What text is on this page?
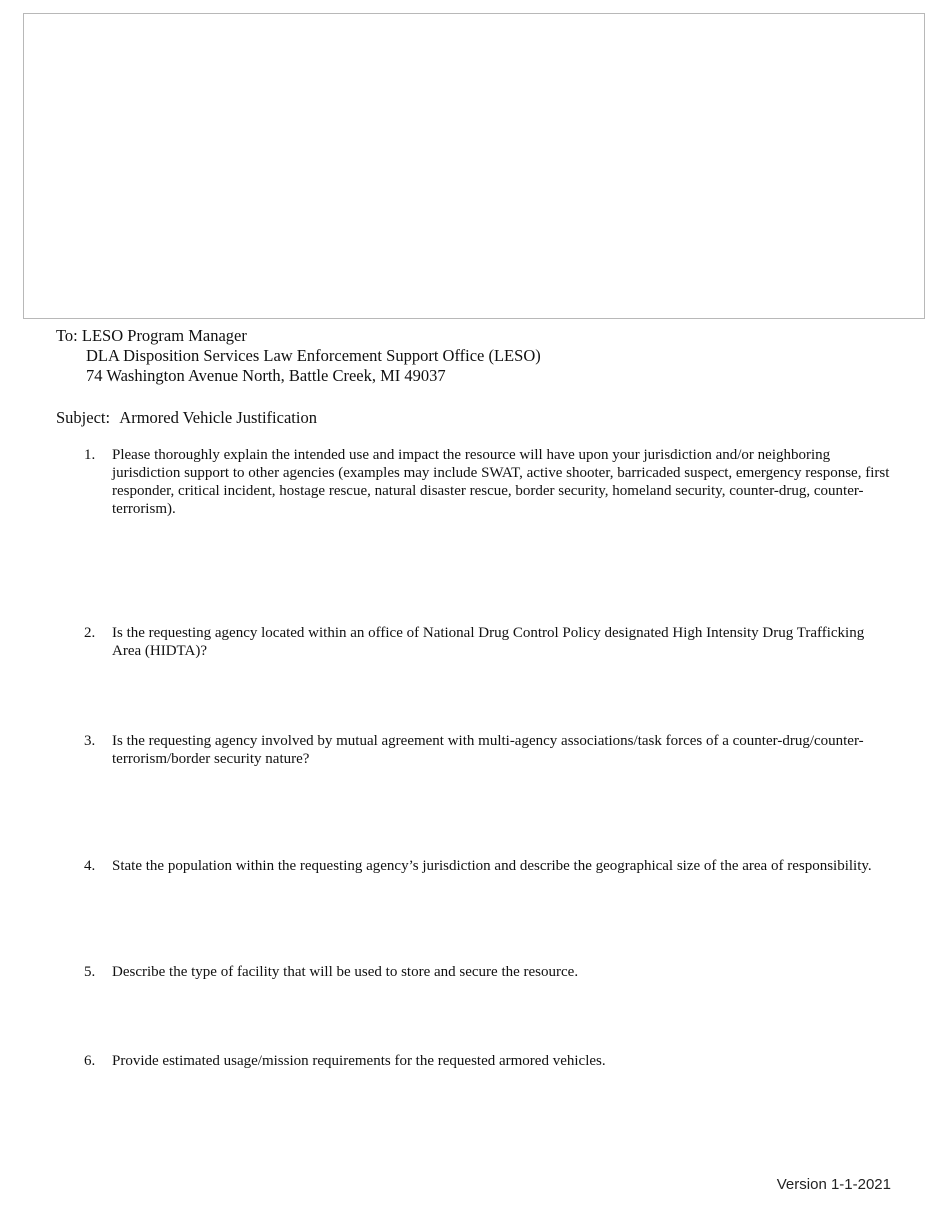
To: LESO Program Manager
DLA Disposition Services Law Enforcement Support Office (LESO)
74 Washington Avenue North, Battle Creek, MI 49037
Subject: Armored Vehicle Justification
1.	Please thoroughly explain the intended use and impact the resource will have upon your jurisdiction and/or neighboring jurisdiction support to other agencies (examples may include SWAT, active shooter, barricaded suspect, emergency response, first responder, critical incident, hostage rescue, natural disaster rescue, border security, homeland security, counter-drug, counter-terrorism).
2.	Is the requesting agency located within an office of National Drug Control Policy designated High Intensity Drug Trafficking Area (HIDTA)?
3.	Is the requesting agency involved by mutual agreement with multi-agency associations/task forces of a counter-drug/counter-terrorism/border security nature?
4.	State the population within the requesting agency’s jurisdiction and describe the geographical size of the area of responsibility.
5.	Describe the type of facility that will be used to store and secure the resource.
6.	Provide estimated usage/mission requirements for the requested armored vehicles.
Version 1-1-2021
